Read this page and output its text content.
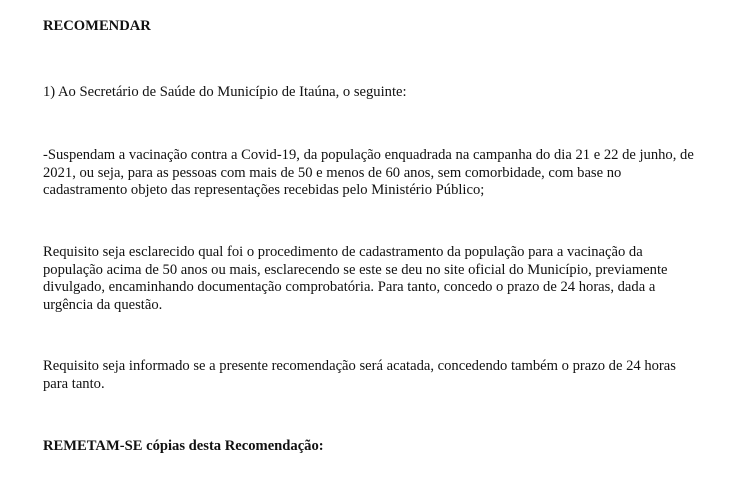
RECOMENDAR

1) Ao Secretário de Saúde do Município de Itaúna, o seguinte:

-Suspendam a vacinação contra a Covid-19, da população enquadrada na campanha do dia 21 e 22 de junho, de 2021, ou seja, para as pessoas com mais de 50 e menos de 60 anos, sem comorbidade, com base no cadastramento objeto das representações recebidas pelo Ministério Público;

Requisito seja esclarecido qual foi o procedimento de cadastramento da população para a vacinação da população acima de 50 anos ou mais, esclarecendo se este se deu no site oficial do Município, previamente divulgado, encaminhando documentação comprobatória. Para tanto, concedo o prazo de 24 horas, dada a urgência da questão.

Requisito seja informado se a presente recomendação será acatada, concedendo também o prazo de 24 horas para tanto.

REMETAM-SE cópias desta Recomendação:
